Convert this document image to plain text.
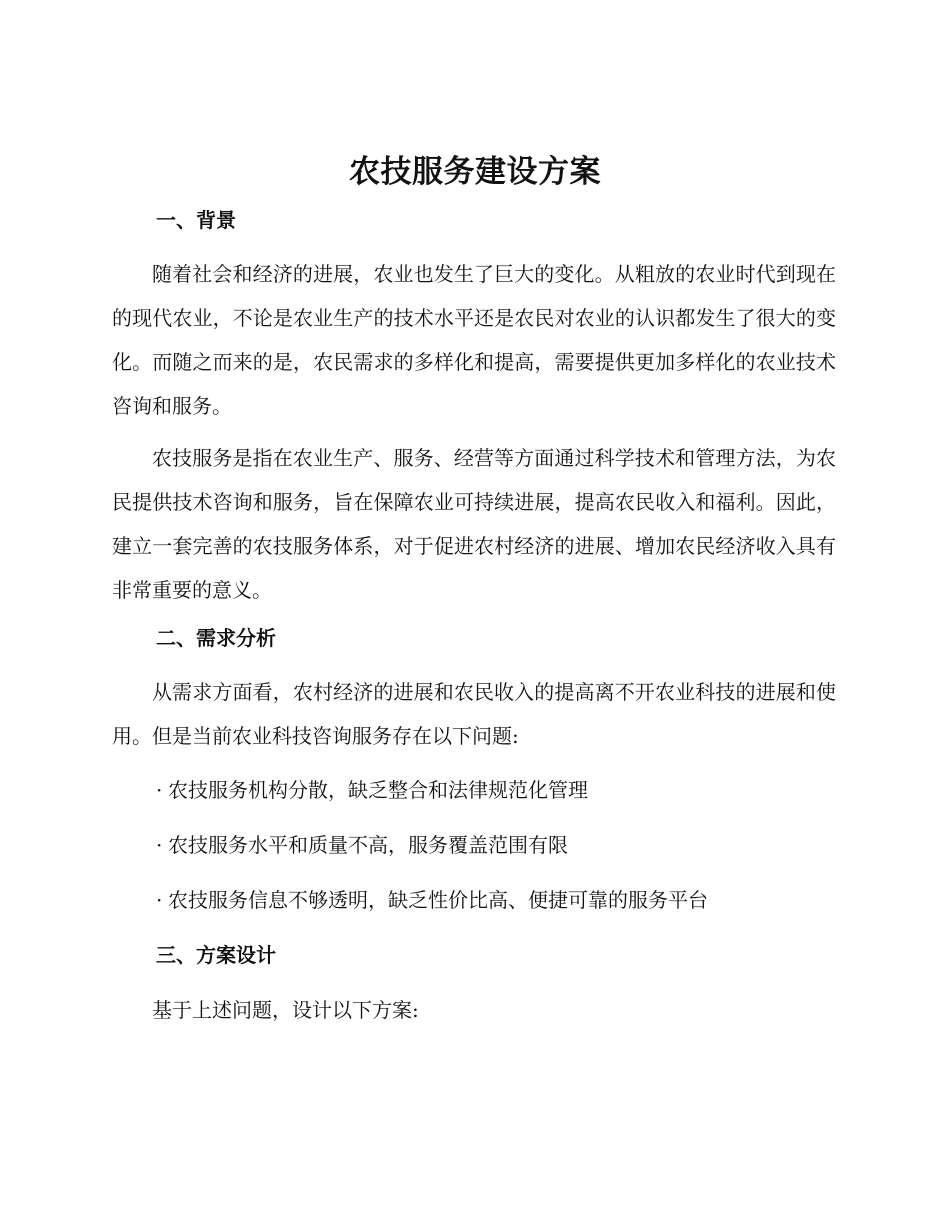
农技服务建设方案
一、背景

随着社会和经济的进展，农业也发生了巨大的变化。从粗放的农业时代到现在的现代农业，不论是农业生产的技术水平还是农民对农业的认识都发生了很大的变化。而随之而来的是，农民需求的多样化和提高，需要提供更加多样化的农业技术咨询和服务。

农技服务是指在农业生产、服务、经营等方面通过科学技术和管理方法，为农民提供技术咨询和服务，旨在保障农业可持续进展，提高农民收入和福利。因此，建立一套完善的农技服务体系，对于促进农村经济的进展、增加农民经济收入具有非常重要的意义。

二、需求分析

从需求方面看，农村经济的进展和农民收入的提高离不开农业科技的进展和使用。但是当前农业科技咨询服务存在以下问题:

· 农技服务机构分散，缺乏整合和法律规范化管理
· 农技服务水平和质量不高，服务覆盖范围有限
· 农技服务信息不够透明，缺乏性价比高、便捷可靠的服务平台
三、方案设计

基于上述问题，设计以下方案:
